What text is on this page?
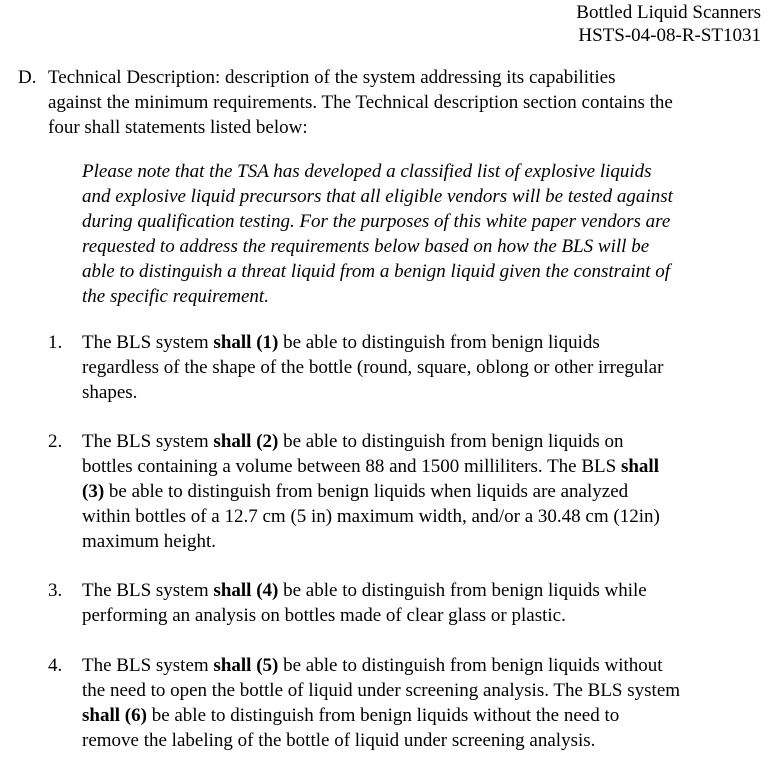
Bottled Liquid Scanners
HSTS-04-08-R-ST1031
D. Technical Description: description of the system addressing its capabilities
against the minimum requirements. The Technical description section contains the
four shall statements listed below:
Please note that the TSA has developed a classified list of explosive liquids
and explosive liquid precursors that all eligible vendors will be tested against
during qualification testing. For the purposes of this white paper vendors are
requested to address the requirements below based on how the BLS will be
able to distinguish a threat liquid from a benign liquid given the constraint of
the specific requirement.
1. The BLS system shall (1) be able to distinguish from benign liquids
regardless of the shape of the bottle (round, square, oblong or other irregular
shapes.
2. The BLS system shall (2) be able to distinguish from benign liquids on
bottles containing a volume between 88 and 1500 milliliters. The BLS shall
(3) be able to distinguish from benign liquids when liquids are analyzed
within bottles of a 12.7 cm (5 in) maximum width, and/or a 30.48 cm (12in)
maximum height.
3. The BLS system shall (4) be able to distinguish from benign liquids while
performing an analysis on bottles made of clear glass or plastic.
4. The BLS system shall (5) be able to distinguish from benign liquids without
the need to open the bottle of liquid under screening analysis. The BLS system
shall (6) be able to distinguish from benign liquids without the need to
remove the labeling of the bottle of liquid under screening analysis.
